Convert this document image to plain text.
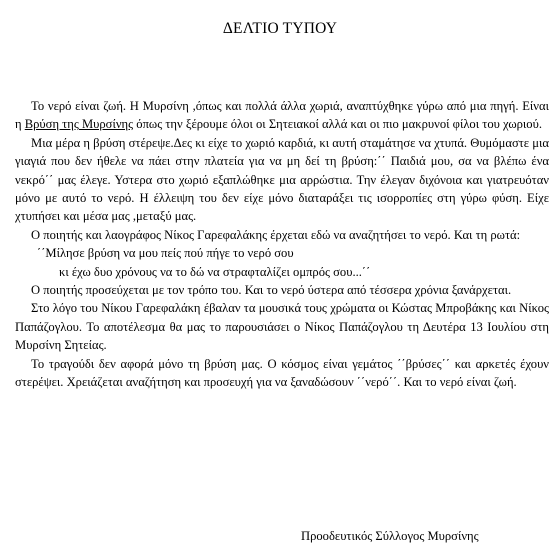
ΔΕΛΤΙΟ ΤΥΠΟΥ

Το νερό είναι ζωή. Η Μυρσίνη ,όπως και πολλά άλλα χωριά, αναπτύχθηκε γύρω από μια πηγή. Είναι η Βρύση της Μυρσίνης όπως την ξέρουμε όλοι οι Σητειακοί αλλά και οι πιο μακρυνοί φίλοι του χωριού.

Μια μέρα η βρύση στέρεψε.Δες κι είχε το χωριό καρδιά, κι αυτή σταμάτησε να χτυπά. Θυμόμαστε μια γιαγιά που δεν ήθελε να πάει στην πλατεία για να μη δεί τη βρύση:΄΄ Παιδιά μου, σα να βλέπω ένα νεκρό΄΄ μας έλεγε. Υστερα στο χωριό εξαπλώθηκε μια αρρώστια. Την έλεγαν διχόνοια και γιατρευόταν μόνο με αυτό το νερό. Η έλλειψη του δεν είχε μόνο διαταράξει τις ισορροπίες στη γύρω φύση. Είχε χτυπήσει και μέσα μας ,μεταξύ μας.

Ο ποιητής και λαογράφος Νίκος Γαρεφαλάκης έρχεται εδώ να αναζητήσει το νερό. Και τη ρωτά:

΄΄Μίλησε βρύση να μου πείς πού πήγε το νερό σου

κι έχω δυο χρόνους να το δώ να στραφταλίζει ομπρός σου...΄΄

Ο ποιητής προσεύχεται με τον τρόπο του. Και το νερό ύστερα από τέσσερα χρόνια ξανάρχεται.

Στο λόγο του Νίκου Γαρεφαλάκη έβαλαν τα μουσικά τους χρώματα οι Κώστας Μπροβάκης και Νίκος Παπάζογλου. Το αποτέλεσμα θα μας το παρουσιάσει ο Νίκος Παπάζογλου τη Δευτέρα 13 Ιουλίου στη Μυρσίνη Σητείας.

Το τραγούδι δεν αφορά μόνο τη βρύση μας. Ο κόσμος είναι γεμάτος ΄΄βρύσες΄΄ και αρκετές έχουν στερέψει. Χρειάζεται αναζήτηση και προσευχή για να ξαναδώσουν ΄΄νερό΄΄. Και το νερό είναι ζωή.

Προοδευτικός Σύλλογος Μυρσίνης
